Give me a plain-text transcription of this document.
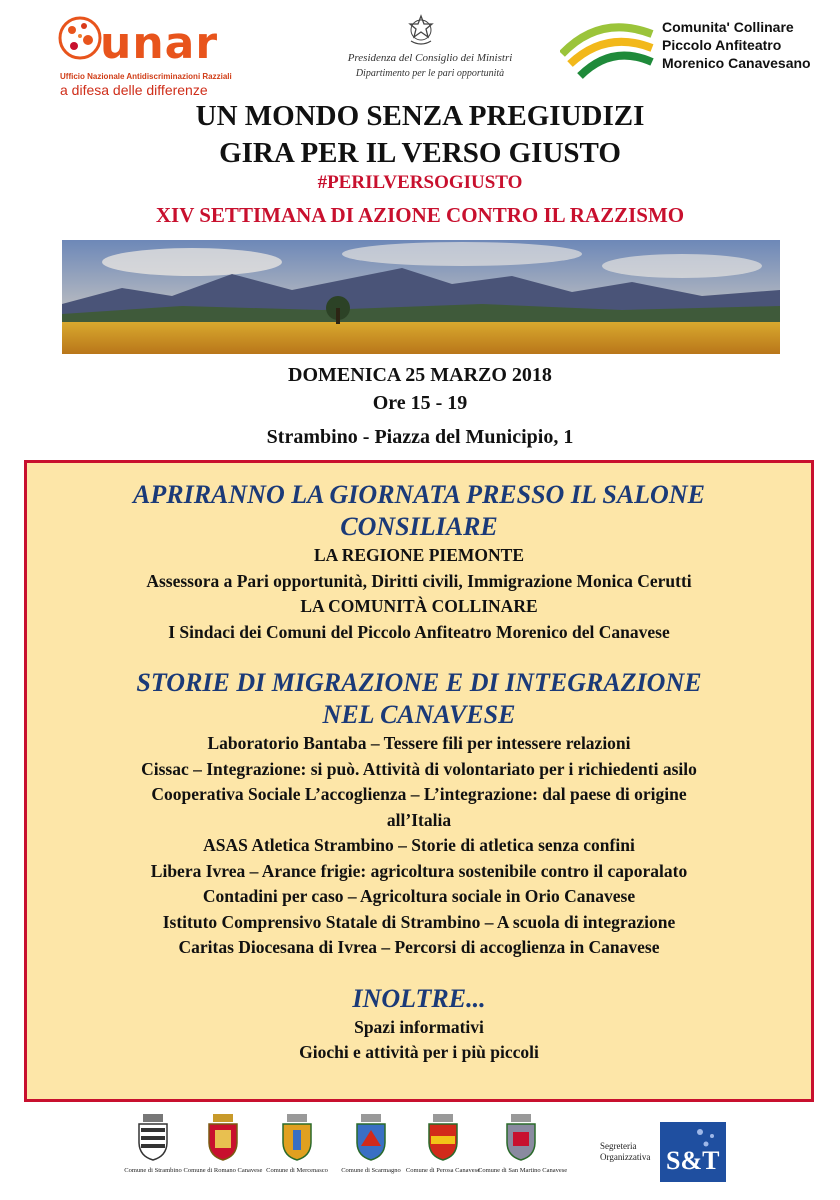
unar
Ufficio Nazionale Antidiscriminazioni Razziali
a difesa delle differenze
Presidenza del Consiglio dei Ministri
Dipartimento per le pari opportunità
Comunita' Collinare
Piccolo Anfiteatro
Morenico Canavesano
UN MONDO SENZA PREGIUDIZI
GIRA PER IL VERSO GIUSTO
#PERILVERSOGIUSTO
XIV SETTIMANA DI AZIONE CONTRO IL RAZZISMO
DOMENICA 25 MARZO 2018
Ore 15 - 19
Strambino - Piazza del Municipio, 1

APRIRANNO LA GIORNATA PRESSO IL SALONE

CONSILIARE

LA REGIONE PIEMONTE

Assessora a Pari opportunità, Diritti civili, Immigrazione Monica Cerutti

LA COMUNITÀ COLLINARE

I Sindaci dei Comuni del Piccolo Anfiteatro Morenico del Canavese

STORIE DI MIGRAZIONE E DI INTEGRAZIONE

NEL CANAVESE

Laboratorio Bantaba – Tessere fili per intessere relazioni

Cissac – Integrazione: si può. Attività di volontariato per i richiedenti asilo

Cooperativa Sociale L’accoglienza – L’integrazione: dal paese di origine

all’Italia

ASAS Atletica Strambino – Storie di atletica senza confini

Libera Ivrea – Arance frigie: agricoltura sostenibile contro il caporalato

Contadini per caso – Agricoltura sociale in Orio Canavese

Istituto Comprensivo Statale di Strambino – A scuola di integrazione

Caritas Diocesana di Ivrea – Percorsi di accoglienza in Canavese

INOLTRE...

Spazi informativi

Giochi e attività per i più piccoli

Comune di Strambino Comune di Romano Canavese Comune di Mercenasco	Comune di Scarmagno Comune di Perosa Canavese
Comune di San Martino Canavese
Segreteria
Organizzativa S&T
